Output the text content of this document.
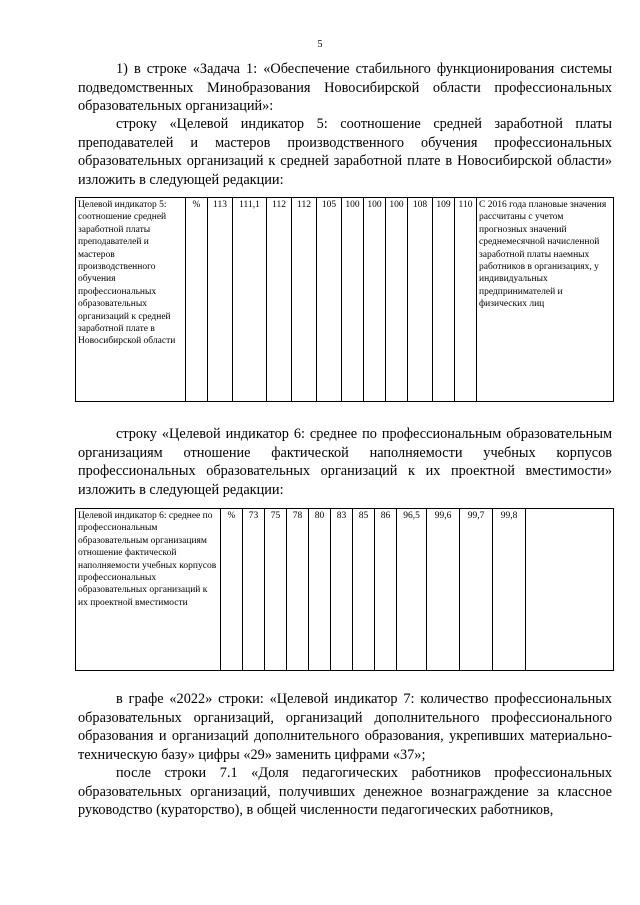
5

1) в строке «Задача 1: «Обеспечение стабильного функционирования системы подведомственных Минобразования Новосибирской области профессиональных образовательных организаций»:

строку «Целевой индикатор 5: соотношение средней заработной платы преподавателей и мастеров производственного обучения профессиональных образовательных организаций к средней заработной плате в Новосибирской области» изложить в следующей редакции:

Целевой индикатор 5: соотношение средней заработной платы преподавателей и мастеров производственного обучения профессиональных образовательных организаций к средней заработной плате в Новосибирской области	%	113	111,1	112	112	105	100	100	100	108	109	110	С 2016 года плановые значения рассчитаны с учетом прогнозных значений среднемесячной начисленной заработной платы наемных работников в организациях, у индивидуальных предпринимателей и физических лиц

строку «Целевой индикатор 6: среднее по профессиональным образовательным организациям отношение фактической наполняемости учебных корпусов профессиональных образовательных организаций к их проектной вместимости» изложить в следующей редакции:

Целевой индикатор 6: среднее по профессиональным образовательным организациям отношение фактической наполняемости учебных корпусов профессиональных образовательных организаций к их проектной вместимости	%	73	75	78	80	83	85	86	96,5	99,6	99,7	99,8	

в графе «2022» строки: «Целевой индикатор 7: количество профессиональных образовательных организаций, организаций дополнительного профессионального образования и организаций дополнительного образования, укрепивших материально-техническую базу» цифры «29» заменить цифрами «37»;

после строки 7.1 «Доля педагогических работников профессиональных образовательных организаций, получивших денежное вознаграждение за классное руководство (кураторство), в общей численности педагогических работников,
